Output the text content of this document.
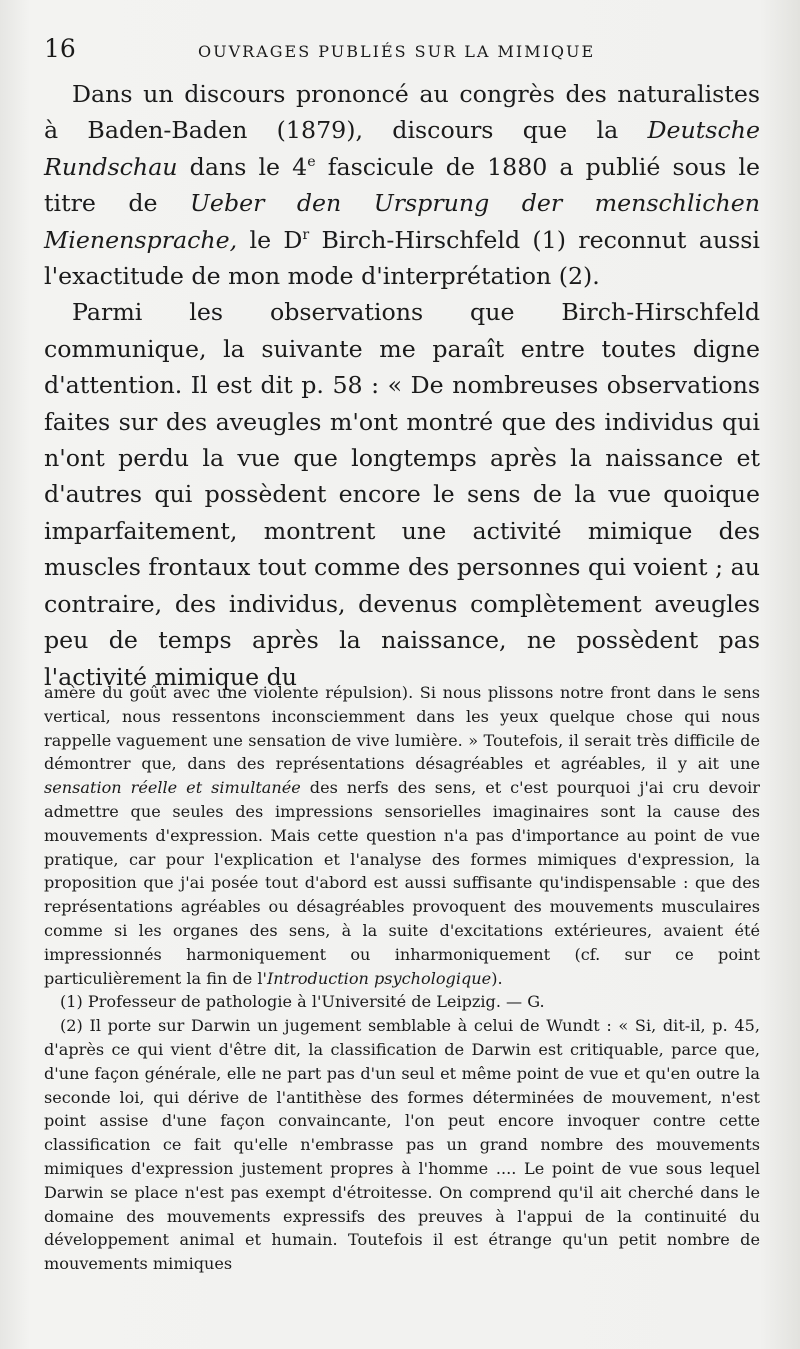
16	OUVRAGES PUBLIÉS SUR LA MIMIQUE

Dans un discours prononcé au congrès des naturalistes à Baden-Baden (1879), discours que la Deutsche Rundschau dans le 4e fascicule de 1880 a publié sous le titre de Ueber den Ursprung der menschlichen Mienensprache, le $D^r$ Birch-Hirschfeld (1) reconnut aussi l'exactitude de mon mode d'interprétation (2).

Parmi les observations que Birch-Hirschfeld communique, la suivante me paraît entre toutes digne d'attention. Il est dit p. 58 : « De nombreuses observations faites sur des aveugles m'ont montré que des individus qui n'ont perdu la vue que longtemps après la naissance et d'autres qui possèdent encore le sens de la vue quoique imparfaitement, montrent une activité mimique des muscles frontaux tout comme des personnes qui voient ; au contraire, des individus, devenus complètement aveugles peu de temps après la naissance, ne possèdent pas l'activité mimique du

amère du goût avec une violente répulsion). Si nous plissons notre front dans le sens vertical, nous ressentons inconsciemment dans les yeux quelque chose qui nous rappelle vaguement une sensation de vive lumière. » Toutefois, il serait très difficile de démontrer que, dans des représentations désagréables et agréables, il y ait une sensation réelle et simultanée des nerfs des sens, et c'est pourquoi j'ai cru devoir admettre que seules des impressions sensorielles imaginaires sont la cause des mouvements d'expression. Mais cette question n'a pas d'importance au point de vue pratique, car pour l'explication et l'analyse des formes mimiques d'expression, la proposition que j'ai posée tout d'abord est aussi suffisante qu'indispensable : que des représentations agréables ou désagréables provoquent des mouvements musculaires comme si les organes des sens, à la suite d'excitations extérieures, avaient été impressionnés harmoniquement ou inharmoniquement (cf. sur ce point particulièrement la fin de l'Introduction psychologique).

(1) Professeur de pathologie à l'Université de Leipzig. — G.

(2) Il porte sur Darwin un jugement semblable à celui de Wundt : « Si, dit-il, p. 45, d'après ce qui vient d'être dit, la classification de Darwin est critiquable, parce que, d'une façon générale, elle ne part pas d'un seul et même point de vue et qu'en outre la seconde loi, qui dérive de l'antithèse des formes déterminées de mouvement, n'est point assise d'une façon convaincante, l'on peut encore invoquer contre cette classification ce fait qu'elle n'embrasse pas un grand nombre des mouvements mimiques d'expression justement propres à l'homme .... Le point de vue sous lequel Darwin se place n'est pas exempt d'étroitesse. On comprend qu'il ait cherché dans le domaine des mouvements expressifs des preuves à l'appui de la continuité du développement animal et humain. Toutefois il est étrange qu'un petit nombre de mouvements mimiques
